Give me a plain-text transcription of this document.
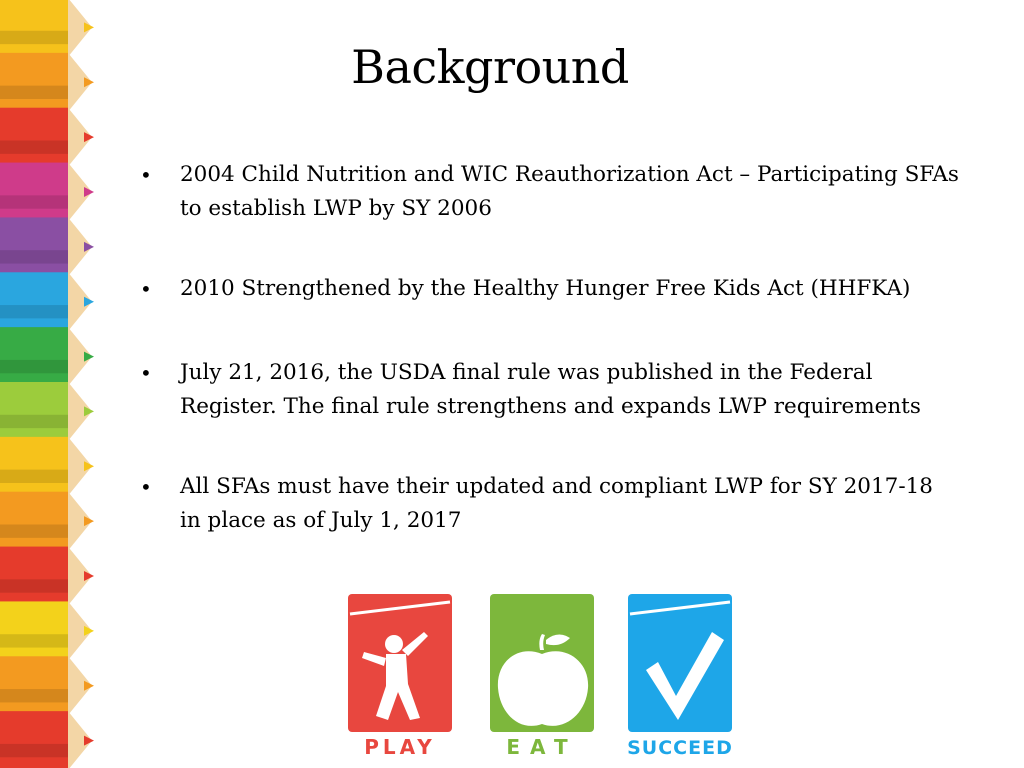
Background
• 2004 Child Nutrition and WIC Reauthorization Act – Participating SFAs to establish LWP by SY 2006
• 2010 Strengthened by the Healthy Hunger Free Kids Act (HHFKA)
• July 21, 2016, the USDA final rule was published in the Federal Register. The final rule strengthens and expands LWP requirements
• All SFAs must have their updated and compliant LWP for SY 2017-18 in place as of July 1, 2017
PLAY	EAT	SUCCEED
